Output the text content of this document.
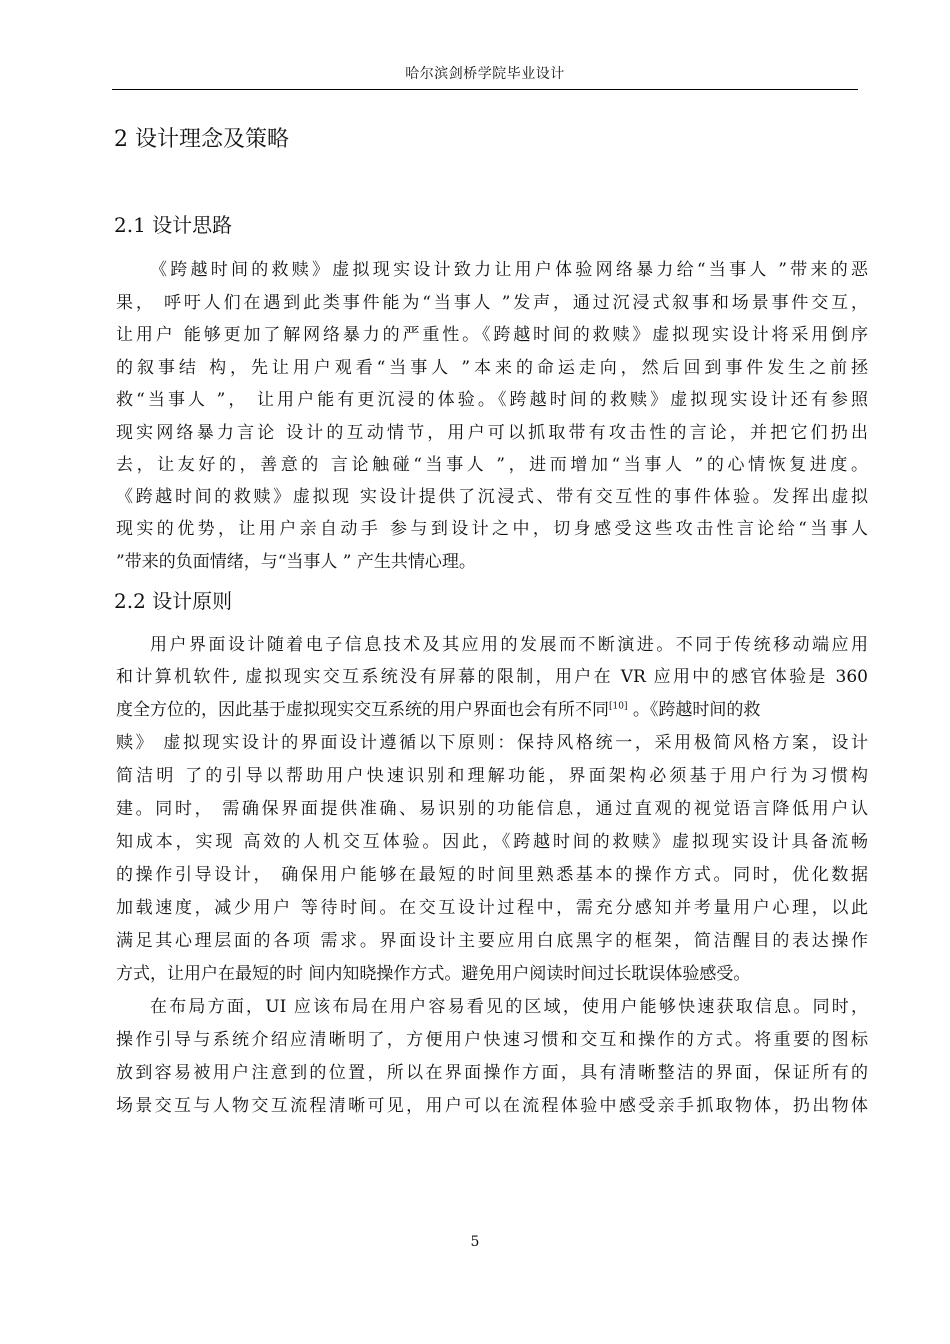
哈尔滨剑桥学院毕业设计
2 设计理念及策略
2.1 设计思路
《跨越时间的救赎》虚拟现实设计致力让用户体验网络暴力给“当事人 ”带来的恶
果， 呼吁人们在遇到此类事件能为“当事人 ”发声，通过沉浸式叙事和场景事件交互，
让用户 能够更加了解网络暴力的严重性。《跨越时间的救赎》虚拟现实设计将采用倒序
的叙事结 构，先让用户观看“当事人 ”本来的命运走向，然后回到事件发生之前拯
救“当事人 ”， 让用户能有更沉浸的体验。《跨越时间的救赎》虚拟现实设计还有参照
现实网络暴力言论 设计的互动情节，用户可以抓取带有攻击性的言论，并把它们扔出
去，让友好的，善意的 言论触碰“当事人 ”，进而增加“当事人 ”的心情恢复进度。
《跨越时间的救赎》虚拟现 实设计提供了沉浸式、带有交互性的事件体验。发挥出虚拟
现实的优势，让用户亲自动手 参与到设计之中，切身感受这些攻击性言论给“当事人
”带来的负面情绪，与“当事人 ” 产生共情心理。
2.2 设计原则
用户界面设计随着电子信息技术及其应用的发展而不断演进。不同于传统移动端应用
和计算机软件, 虚拟现实交互系统没有屏幕的限制，用户在 VR 应用中的感官体验是 360
度全方位的，因此基于虚拟现实交互系统的用户界面也会有所不同[10] 。《跨越时间的救
赎》 虚拟现实设计的界面设计遵循以下原则：保持风格统一，采用极简风格方案，设计
简洁明 了的引导以帮助用户快速识别和理解功能，界面架构必须基于用户行为习惯构
建。同时， 需确保界面提供准确、易识别的功能信息，通过直观的视觉语言降低用户认
知成本，实现 高效的人机交互体验。因此，《跨越时间的救赎》虚拟现实设计具备流畅
的操作引导设计， 确保用户能够在最短的时间里熟悉基本的操作方式。同时，优化数据
加载速度，减少用户 等待时间。在交互设计过程中，需充分感知并考量用户心理，以此
满足其心理层面的各项 需求。界面设计主要应用白底黑字的框架，简洁醒目的表达操作
方式，让用户在最短的时 间内知晓操作方式。避免用户阅读时间过长耽误体验感受。
在布局方面，UI 应该布局在用户容易看见的区域，使用户能够快速获取信息。同时，
操作引导与系统介绍应清晰明了，方便用户快速习惯和交互和操作的方式。将重要的图标
放到容易被用户注意到的位置，所以在界面操作方面，具有清晰整洁的界面，保证所有的
场景交互与人物交互流程清晰可见，用户可以在流程体验中感受亲手抓取物体，扔出物体
5
